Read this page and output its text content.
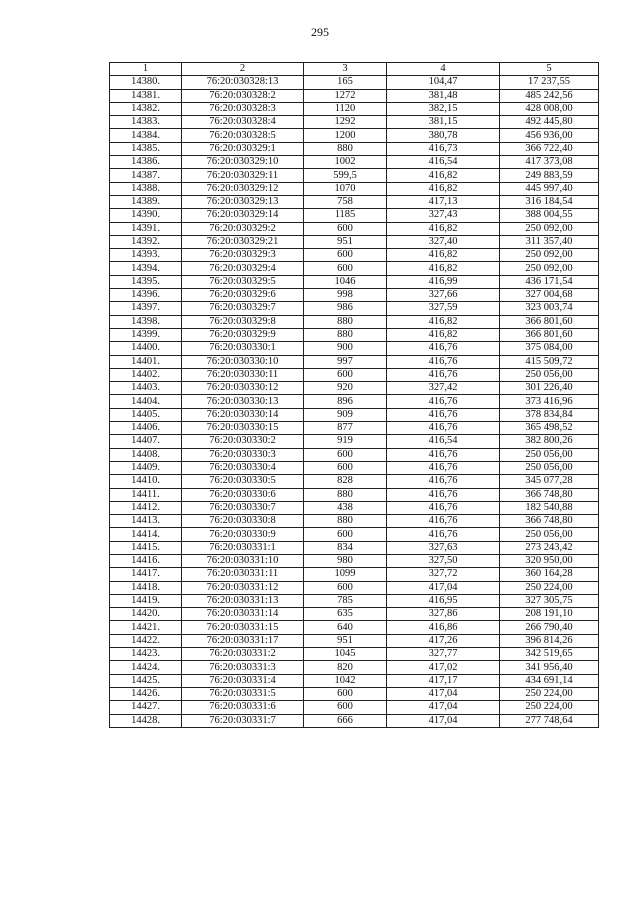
295
1	2	3	4	5
14380.	76:20:030328:13	165	104,47	17 237,55
14381.	76:20:030328:2	1272	381,48	485 242,56
14382.	76:20:030328:3	1120	382,15	428 008,00
14383.	76:20:030328:4	1292	381,15	492 445,80
14384.	76:20:030328:5	1200	380,78	456 936,00
14385.	76:20:030329:1	880	416,73	366 722,40
14386.	76:20:030329:10	1002	416,54	417 373,08
14387.	76:20:030329:11	599,5	416,82	249 883,59
14388.	76:20:030329:12	1070	416,82	445 997,40
14389.	76:20:030329:13	758	417,13	316 184,54
14390.	76:20:030329:14	1185	327,43	388 004,55
14391.	76:20:030329:2	600	416,82	250 092,00
14392.	76:20:030329:21	951	327,40	311 357,40
14393.	76:20:030329:3	600	416,82	250 092,00
14394.	76:20:030329:4	600	416,82	250 092,00
14395.	76:20:030329:5	1046	416,99	436 171,54
14396.	76:20:030329:6	998	327,66	327 004,68
14397.	76:20:030329:7	986	327,59	323 003,74
14398.	76:20:030329:8	880	416,82	366 801,60
14399.	76:20:030329:9	880	416,82	366 801,60
14400.	76:20:030330:1	900	416,76	375 084,00
14401.	76:20:030330:10	997	416,76	415 509,72
14402.	76:20:030330:11	600	416,76	250 056,00
14403.	76:20:030330:12	920	327,42	301 226,40
14404.	76:20:030330:13	896	416,76	373 416,96
14405.	76:20:030330:14	909	416,76	378 834,84
14406.	76:20:030330:15	877	416,76	365 498,52
14407.	76:20:030330:2	919	416,54	382 800,26
14408.	76:20:030330:3	600	416,76	250 056,00
14409.	76:20:030330:4	600	416,76	250 056,00
14410.	76:20:030330:5	828	416,76	345 077,28
14411.	76:20:030330:6	880	416,76	366 748,80
14412.	76:20:030330:7	438	416,76	182 540,88
14413.	76:20:030330:8	880	416,76	366 748,80
14414.	76:20:030330:9	600	416,76	250 056,00
14415.	76:20:030331:1	834	327,63	273 243,42
14416.	76:20:030331:10	980	327,50	320 950,00
14417.	76:20:030331:11	1099	327,72	360 164,28
14418.	76:20:030331:12	600	417,04	250 224,00
14419.	76:20:030331:13	785	416,95	327 305,75
14420.	76:20:030331:14	635	327,86	208 191,10
14421.	76:20:030331:15	640	416,86	266 790,40
14422.	76:20:030331:17	951	417,26	396 814,26
14423.	76:20:030331:2	1045	327,77	342 519,65
14424.	76:20:030331:3	820	417,02	341 956,40
14425.	76:20:030331:4	1042	417,17	434 691,14
14426.	76:20:030331:5	600	417,04	250 224,00
14427.	76:20:030331:6	600	417,04	250 224,00
14428.	76:20:030331:7	666	417,04	277 748,64
